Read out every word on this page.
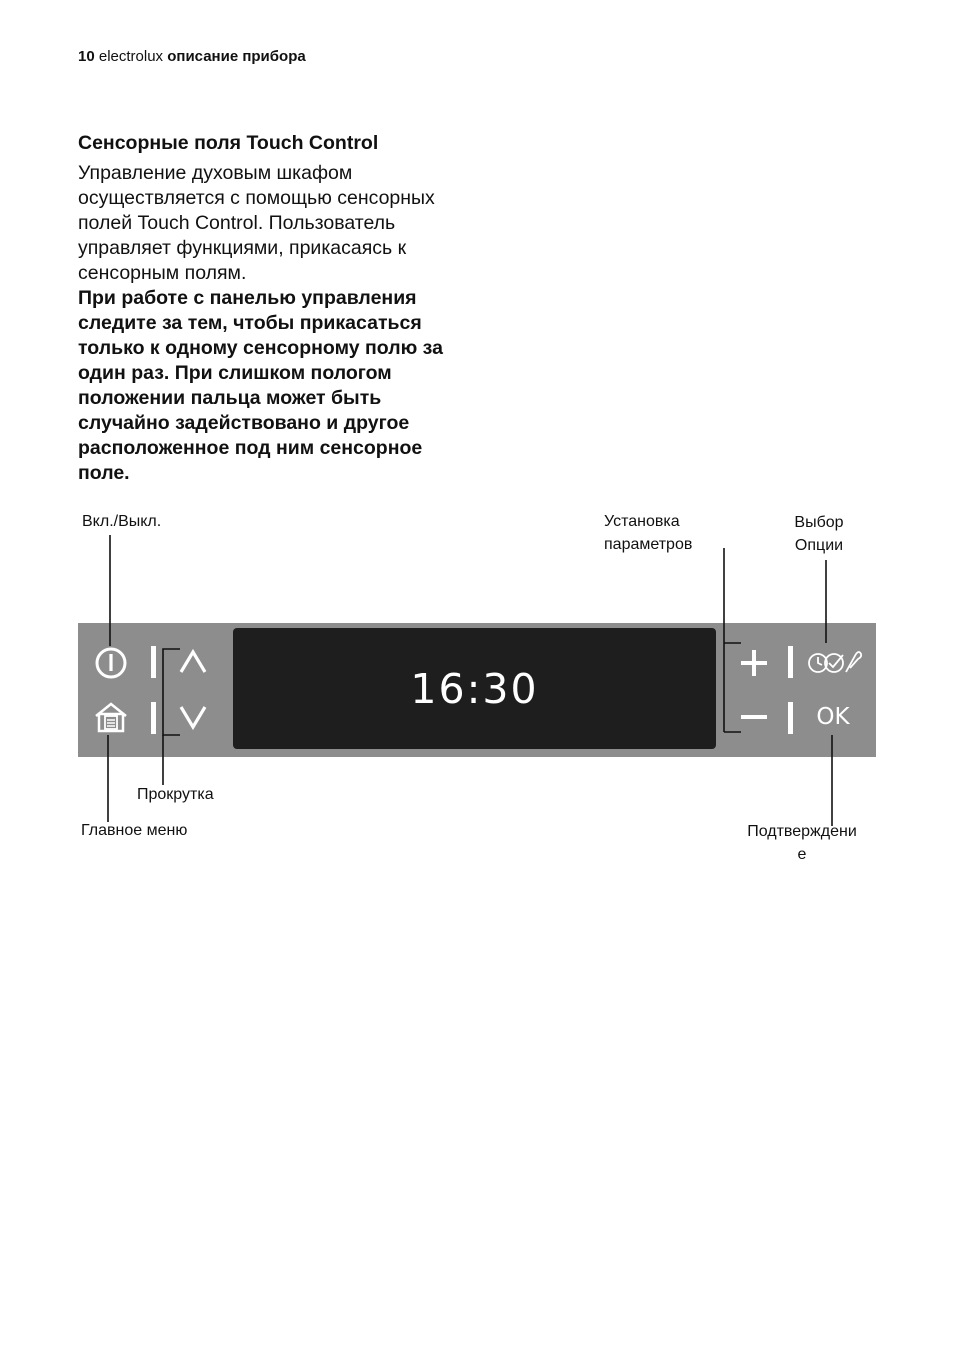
10 electrolux описание прибора
Сенсорные поля Touch Control

Управление духовым шкафом осуществляется с помощью сенсорных полей Touch Control. Пользователь управляет функциями, прикасаясь к сенсорным полям.

При работе с панелью управления следите за тем, чтобы прикасаться только к одному сенсорному полю за один раз. При слишком пологом положении пальца может быть случайно задействовано и другое расположенное под ним сенсорное поле.

Вкл./Выкл.	Установка
параметров
Выбор
Опции
Прокрутка
Главное меню	Подтверждени
е
16:30
OK
